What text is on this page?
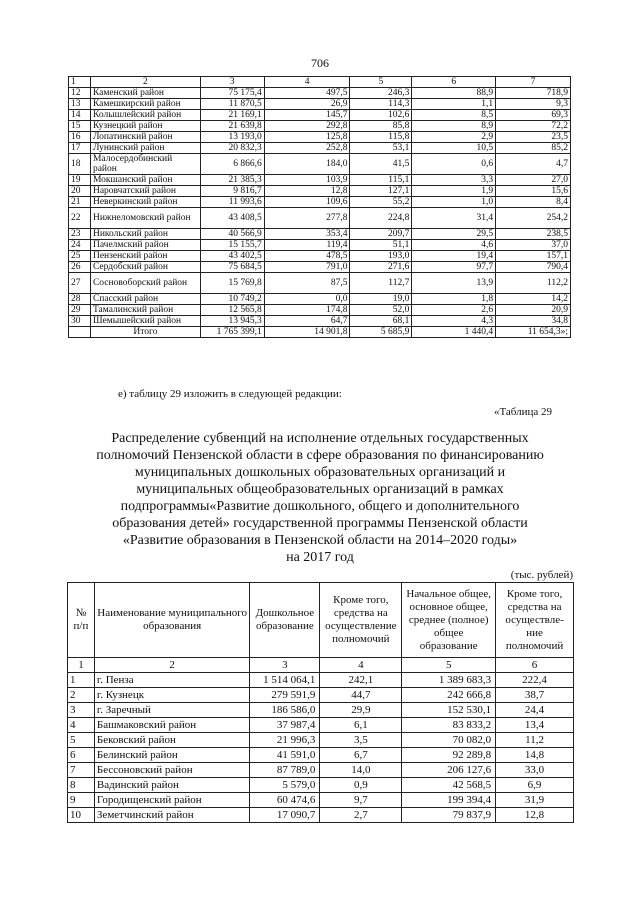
706
1	2	3	4	5	6	7
12	Каменский район	75 175,4	497,5	246,3	88,9	718,9
13	Камешкирский район	11 870,5	26,9	114,3	1,1	9,3
14	Колышлейский район	21 169,1	145,7	102,6	8,5	69,3
15	Кузнецкий район	21 639,8	292,8	85,8	8,9	72,2
16	Лопатинский район	13 193,0	125,8	115,8	2,9	23,5
17	Лунинский район	20 832,3	252,8	53,1	10,5	85,2
18	Малосердобинский район	6 866,6	184,0	41,5	0,6	4,7
19	Мокшанский район	21 385,3	103,9	115,1	3,3	27,0
20	Наровчатский район	9 816,7	12,8	127,1	1,9	15,6
21	Неверкинский район	11 993,6	109,6	55,2	1,0	8,4
22	Нижнеломовский район	43 408,5	277,8	224,8	31,4	254,2
23	Никольский район	40 566,9	353,4	209,7	29,5	238,5
24	Пачелмский район	15 155,7	119,4	51,1	4,6	37,0
25	Пензенский район	43 402,5	478,5	193,0	19,4	157,1
26	Сердобский район	75 684,5	791,0	271,6	97,7	790,4
27	Сосновоборский район	15 769,8	87,5	112,7	13,9	112,2
28	Спасский район	10 749,2	0,0	19,0	1,8	14,2
29	Тамалинский район	12 565,8	174,8	52,0	2,6	20,9
30	Шемышейский район	13 945,3	64,7	68,1	4,3	34,8
	Итого	1 765 399,1	14 901,8	5 685,9	1 440,4	11 654,3»;
е) таблицу 29 изложить в следующей редакции:
«Таблица 29
Распределение субвенций на исполнение отдельных государственных
полномочий Пензенской области в сфере образования по финансированию
муниципальных дошкольных образовательных организаций и
муниципальных общеобразовательных организаций в рамках
подпрограммы«Развитие дошкольного, общего и дополнительного
образования детей» государственной программы Пензенской области
«Развитие образования в Пензенской области на 2014–2020 годы»
на 2017 год
(тыс. рублей)
№ п/п	Наименование муниципального образования	Дошкольное образование	Кроме того, средства на осуществление полномочий	Начальное общее, основное общее, среднее (полное) общее образование	Кроме того, средства на осуществле-ние полномочий
1	2	3	4	5	6
1	г. Пенза	1 514 064,1	242,1	1 389 683,3	222,4
2	г. Кузнецк	279 591,9	44,7	242 666,8	38,7
3	г. Заречный	186 586,0	29,9	152 530,1	24,4
4	Башмаковский район	37 987,4	6,1	83 833,2	13,4
5	Бековский район	21 996,3	3,5	70 082,0	11,2
6	Белинский район	41 591,0	6,7	92 289,8	14,8
7	Бессоновский район	87 789,0	14,0	206 127,6	33,0
8	Вадинский район	5 579,0	0,9	42 568,5	6,9
9	Городищенский район	60 474,6	9,7	199 394,4	31,9
10	Земетчинский район	17 090,7	2,7	79 837,9	12,8
